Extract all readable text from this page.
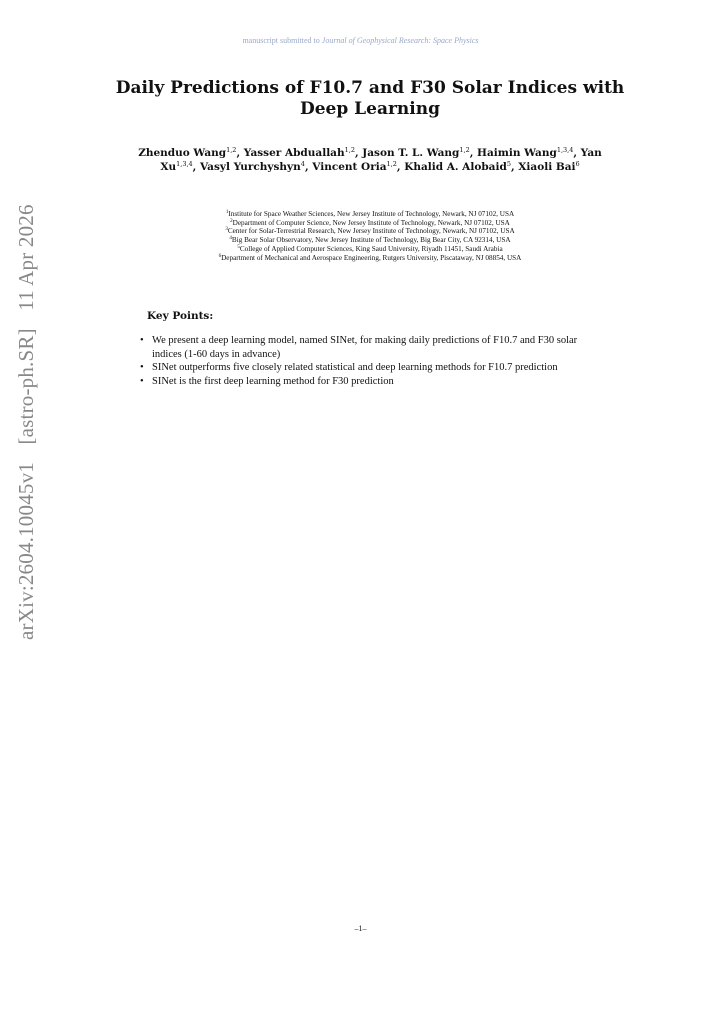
manuscript submitted to Journal of Geophysical Research: Space Physics
arXiv:2604.10045v1 [astro-ph.SR] 11 Apr 2026
Daily Predictions of F10.7 and F30 Solar Indices with Deep Learning
Zhenduo Wang$^{1,2}$, Yasser Abduallah$^{1,2}$, Jason T. L. Wang$^{1,2}$, Haimin Wang$^{1,3,4}$, Yan Xu$^{1,3,4}$, Vasyl Yurchyshyn$^4$, Vincent Oria$^{1,2}$, Khalid A. Alobaid$^5$, Xiaoli Bai$^6$
$^1$Institute for Space Weather Sciences, New Jersey Institute of Technology, Newark, NJ 07102, USA
$^2$Department of Computer Science, New Jersey Institute of Technology, Newark, NJ 07102, USA
$^3$Center for Solar-Terrestrial Research, New Jersey Institute of Technology, Newark, NJ 07102, USA
$^4$Big Bear Solar Observatory, New Jersey Institute of Technology, Big Bear City, CA 92314, USA
$^5$College of Applied Computer Sciences, King Saud University, Riyadh 11451, Saudi Arabia
$^6$Department of Mechanical and Aerospace Engineering, Rutgers University, Piscataway, NJ 08854, USA
Key Points:
• We present a deep learning model, named SINet, for making daily predictions of F10.7 and F30 solar indices (1-60 days in advance)
• SINet outperforms five closely related statistical and deep learning methods for F10.7 prediction
• SINet is the first deep learning method for F30 prediction
–1–
